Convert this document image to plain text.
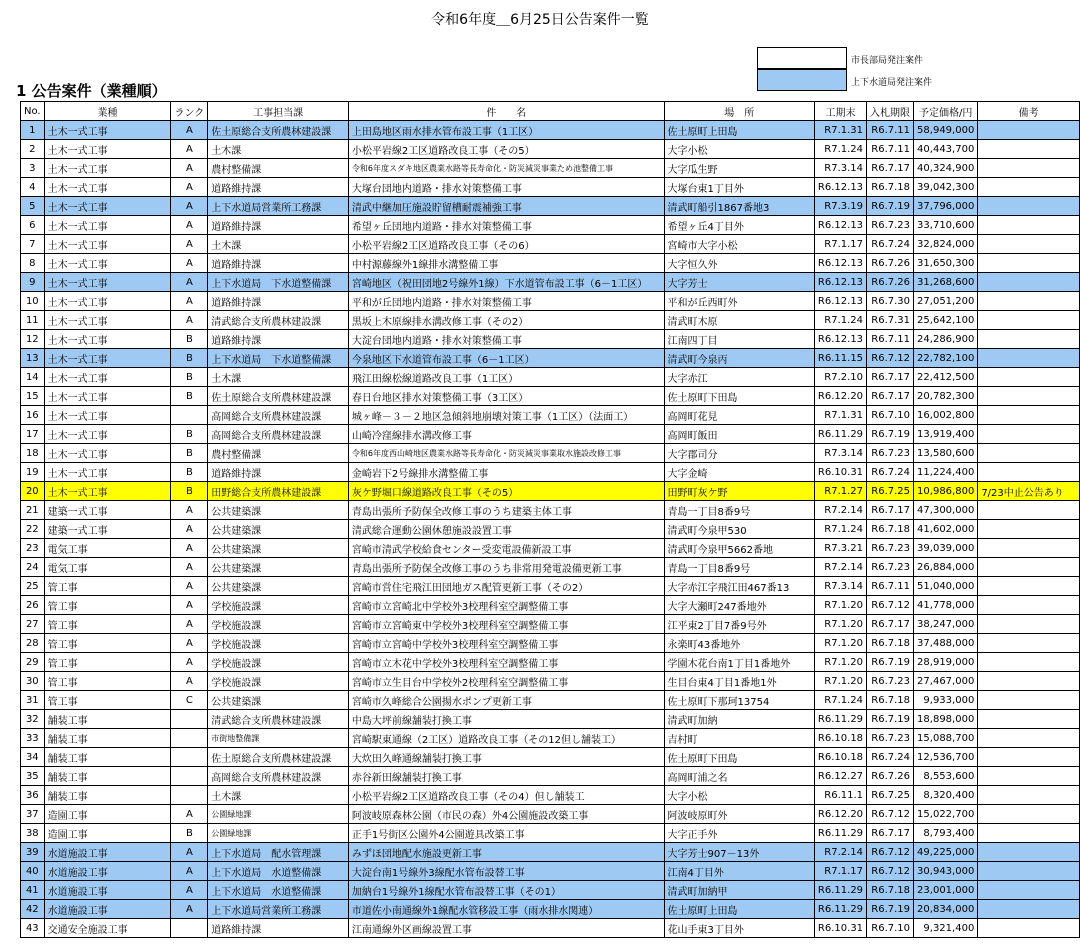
令和6年度＿6月25日公告案件一覧
市長部局発注案件
上下水道局発注案件
1 公告案件（業種順）
No.	業種	ランク	工事担当課	件　　名	場　所	工期末	入札期限	予定価格/円	備考
1	土木一式工事	A	佐土原総合支所農林建設課	上田島地区雨水排水管布設工事（1工区）	佐土原町上田島	R7.1.31	R6.7.11	58,949,000	
2	土木一式工事	A	土木課	小松平岩線2工区道路改良工事（その5）	大字小松	R7.1.24	R6.7.11	40,443,700	
3	土木一式工事	A	農村整備課	令和6年度スダキ地区農業水路等長寿命化・防災減災事業ため池整備工事	大字瓜生野	R7.3.14	R6.7.17	40,324,900	
4	土木一式工事	A	道路維持課	大塚台団地内道路・排水対策整備工事	大塚台東1丁目外	R6.12.13	R6.7.18	39,042,300	
5	土木一式工事	A	上下水道局営業所工務課	清武中継加圧施設貯留槽耐震補強工事	清武町船引1867番地3	R7.3.19	R6.7.19	37,796,000	
6	土木一式工事	A	道路維持課	希望ヶ丘団地内道路・排水対策整備工事	希望ヶ丘4丁目外	R6.12.13	R6.7.23	33,710,600	
7	土木一式工事	A	土木課	小松平岩線2工区道路改良工事（その6）	宮崎市大字小松	R7.1.17	R6.7.24	32,824,000	
8	土木一式工事	A	道路維持課	中村源藤線外1線排水溝整備工事	大字恒久外	R6.12.13	R6.7.26	31,650,300	
9	土木一式工事	A	上下水道局　下水道整備課	宮崎地区（祝田団地2号線外1線）下水道管布設工事（6－1工区）	大字芳士	R6.12.13	R6.7.26	31,268,600	
10	土木一式工事	A	道路維持課	平和が丘団地内道路・排水対策整備工事	平和が丘西町外	R6.12.13	R6.7.30	27,051,200	
11	土木一式工事	A	清武総合支所農林建設課	黒坂上木原線排水溝改修工事（その2）	清武町木原	R7.1.24	R6.7.31	25,642,100	
12	土木一式工事	B	道路維持課	大淀台団地内道路・排水対策整備工事	江南四丁目	R6.12.13	R6.7.11	24,286,900	
13	土木一式工事	B	上下水道局　下水道整備課	今泉地区下水道管布設工事（6－1工区）	清武町今泉丙	R6.11.15	R6.7.12	22,782,100	
14	土木一式工事	B	土木課	飛江田線松線道路改良工事（1工区）	大字赤江	R7.2.10	R6.7.17	22,412,500	
15	土木一式工事	B	佐土原総合支所農林建設課	春日台地区排水対策整備工事（3工区）	佐土原町下田島	R6.12.20	R6.7.17	20,782,300	
16	土木一式工事		高岡総合支所農林建設課	城ヶ峰－３－２地区急傾斜地崩壊対策工事（1工区）（法面工）	高岡町花見	R7.1.31	R6.7.10	16,002,800	
17	土木一式工事	B	高岡総合支所農林建設課	山崎冷窪線排水溝改修工事	高岡町飯田	R6.11.29	R6.7.19	13,919,400	
18	土木一式工事	B	農村整備課	令和6年度西山崎地区農業水路等長寿命化・防災減災事業取水施設改修工事	大字郡司分	R7.3.14	R6.7.23	13,580,600	
19	土木一式工事	B	道路維持課	金崎岩下2号線排水溝整備工事	大字金崎	R6.10.31	R6.7.24	11,224,400	
20	土木一式工事	B	田野総合支所農林建設課	灰ケ野堀口線道路改良工事（その5）	田野町灰ケ野	R7.1.27	R6.7.25	10,986,800	7/23中止公告あり
21	建築一式工事	A	公共建築課	青島出張所予防保全改修工事のうち建築主体工事	青島一丁目8番9号	R7.2.14	R6.7.17	47,300,000	
22	建築一式工事	A	公共建築課	清武総合運動公園休憩施設設置工事	清武町今泉甲530	R7.1.24	R6.7.18	41,602,000	
23	電気工事	A	公共建築課	宮崎市清武学校給食センター受変電設備新設工事	清武町今泉甲5662番地	R7.3.21	R6.7.23	39,039,000	
24	電気工事	A	公共建築課	青島出張所予防保全改修工事のうち非常用発電設備更新工事	青島一丁目8番9号	R7.2.14	R6.7.23	26,884,000	
25	管工事	A	公共建築課	宮崎市営住宅飛江田団地ガス配管更新工事（その2）	大字赤江字飛江田467番13	R7.3.14	R6.7.11	51,040,000	
26	管工事	A	学校施設課	宮崎市立宮崎北中学校外3校理科室空調整備工事	大字大瀬町247番地外	R7.1.20	R6.7.12	41,778,000	
27	管工事	A	学校施設課	宮崎市立宮崎東中学校外3校理科室空調整備工事	江平東2丁目7番9号外	R7.1.20	R6.7.17	38,247,000	
28	管工事	A	学校施設課	宮崎市立宮崎中学校外3校理科室空調整備工事	永楽町43番地外	R7.1.20	R6.7.18	37,488,000	
29	管工事	A	学校施設課	宮崎市立木花中学校外3校理科室空調整備工事	学園木花台南1丁目1番地外	R7.1.20	R6.7.19	28,919,000	
30	管工事	A	学校施設課	宮崎市立生目台中学校外2校理科室空調整備工事	生目台東4丁目1番地1外	R7.1.20	R6.7.23	27,467,000	
31	管工事	C	公共建築課	宮崎市久峰総合公園揚水ポンプ更新工事	佐土原町下那珂13754	R7.1.24	R6.7.18	9,933,000	
32	舗装工事		清武総合支所農林建設課	中島大坪前線舗装打換工事	清武町加納	R6.11.29	R6.7.19	18,898,000	
33	舗装工事		市街地整備課	宮崎駅東通線（2工区）道路改良工事（その12但し舗装工）	吉村町	R6.10.18	R6.7.23	15,088,700	
34	舗装工事		佐土原総合支所農林建設課	大炊田久峰通線舗装打換工事	佐土原町下田島	R6.10.18	R6.7.24	12,536,700	
35	舗装工事		高岡総合支所農林建設課	赤谷新田線舗装打換工事	高岡町浦之名	R6.12.27	R6.7.26	8,553,600	
36	舗装工事		土木課	小松平岩線2工区道路改良工事（その4）但し舗装工	大字小松	R6.11.1	R6.7.25	8,320,400	
37	造園工事	A	公園緑地課	阿波岐原森林公園（市民の森）外4公園施設改築工事	阿波岐原町外	R6.12.20	R6.7.12	15,022,700	
38	造園工事	B	公園緑地課	正手1号街区公園外4公園遊具改築工事	大字正手外	R6.11.29	R6.7.17	8,793,400	
39	水道施設工事	A	上下水道局　配水管理課	みずほ団地配水施設更新工事	大字芳士907－13外	R7.2.14	R6.7.12	49,225,000	
40	水道施設工事	A	上下水道局　水道整備課	大淀台南1号線外3線配水管布設替工事	江南4丁目外	R7.1.17	R6.7.12	30,943,000	
41	水道施設工事	A	上下水道局　水道整備課	加納台1号線外1線配水管布設替工事（その1）	清武町加納甲	R6.11.29	R6.7.18	23,001,000	
42	水道施設工事	A	上下水道局営業所工務課	市道佐小南通線外1線配水管移設工事（雨水排水関連）	佐土原町上田島	R6.11.29	R6.7.19	20,834,000	
43	交通安全施設工事		道路維持課	江南通線外区画線設置工事	花山手東3丁目外	R6.10.31	R6.7.10	9,321,400	
